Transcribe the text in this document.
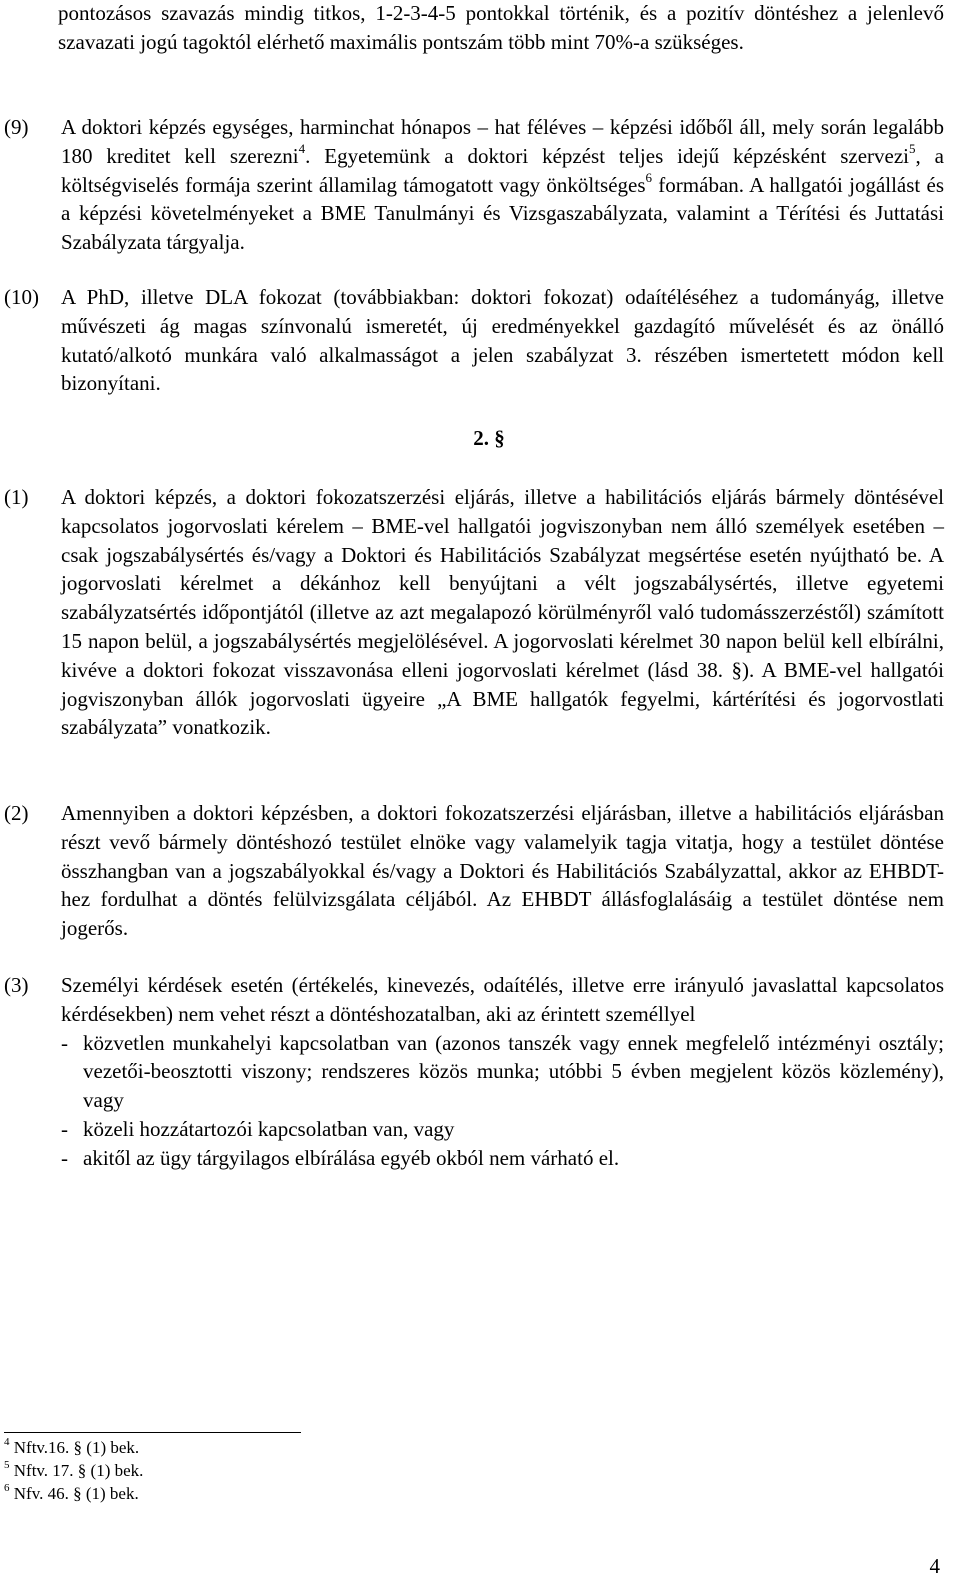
pontozásos szavazás mindig titkos, 1-2-3-4-5 pontokkal történik, és a pozitív döntéshez a jelenlevő szavazati jogú tagoktól elérhető maximális pontszám több mint 70%-a szükséges.
(9)	A doktori képzés egységes, harminchat hónapos – hat féléves – képzési időből áll, mely során legalább 180 kreditet kell szerezni$^4$. Egyetemünk a doktori képzést teljes idejű képzésként szervezi$^5$, a költségviselés formája szerint államilag támogatott vagy önköltséges$^6$ formában. A hallgatói jogállást és a képzési követelményeket a BME Tanulmányi és Vizsgaszabályzata, valamint a Térítési és Juttatási Szabályzata tárgyalja.
(10)	A PhD, illetve DLA fokozat (továbbiakban: doktori fokozat) odaítéléséhez a tudományág, illetve művészeti ág magas színvonalú ismeretét, új eredményekkel gazdagító művelését és az önálló kutató/alkotó munkára való alkalmasságot a jelen szabályzat 3. részében ismertetett módon kell bizonyítani.
2. §
(1)	A doktori képzés, a doktori fokozatszerzési eljárás, illetve a habilitációs eljárás bármely döntésével kapcsolatos jogorvoslati kérelem – BME-vel hallgatói jogviszonyban nem álló személyek esetében – csak jogszabálysértés és/vagy a Doktori és Habilitációs Szabályzat megsértése esetén nyújtható be. A jogorvoslati kérelmet a dékánhoz kell benyújtani a vélt jogszabálysértés, illetve egyetemi szabályzatsértés időpontjától (illetve az azt megalapozó körülményről való tudomásszerzéstől) számított 15 napon belül, a jogszabálysértés megjelölésével. A jogorvoslati kérelmet 30 napon belül kell elbírálni, kivéve a doktori fokozat visszavonása elleni jogorvoslati kérelmet (lásd 38. §). A BME-vel hallgatói jogviszonyban állók jogorvoslati ügyeire „A BME hallgatók fegyelmi, kártérítési és jogorvostlati szabályzata” vonatkozik.
(2)	Amennyiben a doktori képzésben, a doktori fokozatszerzési eljárásban, illetve a habilitációs eljárásban részt vevő bármely döntéshozó testület elnöke vagy valamelyik tagja vitatja, hogy a testület döntése összhangban van a jogszabályokkal és/vagy a Doktori és Habilitációs Szabályzattal, akkor az EHBDT-hez fordulhat a döntés felülvizsgálata céljából. Az EHBDT állásfoglalásáig a testület döntése nem jogerős.
(3)	Személyi kérdések esetén (értékelés, kinevezés, odaítélés, illetve erre irányuló javaslattal kapcsolatos kérdésekben) nem vehet részt a döntéshozatalban, aki az érintett személlyel
- közvetlen munkahelyi kapcsolatban van (azonos tanszék vagy ennek megfelelő intézményi osztály; vezetői-beosztotti viszony; rendszeres közös munka; utóbbi 5 évben megjelent közös közlemény), vagy
- közeli hozzátartozói kapcsolatban van, vagy
- akitől az ügy tárgyilagos elbírálása egyéb okból nem várható el.
$^4$ Nftv.16. § (1) bek.
$^5$ Nftv. 17. § (1) bek.
$^6$ Nfv. 46. § (1) bek.
4
